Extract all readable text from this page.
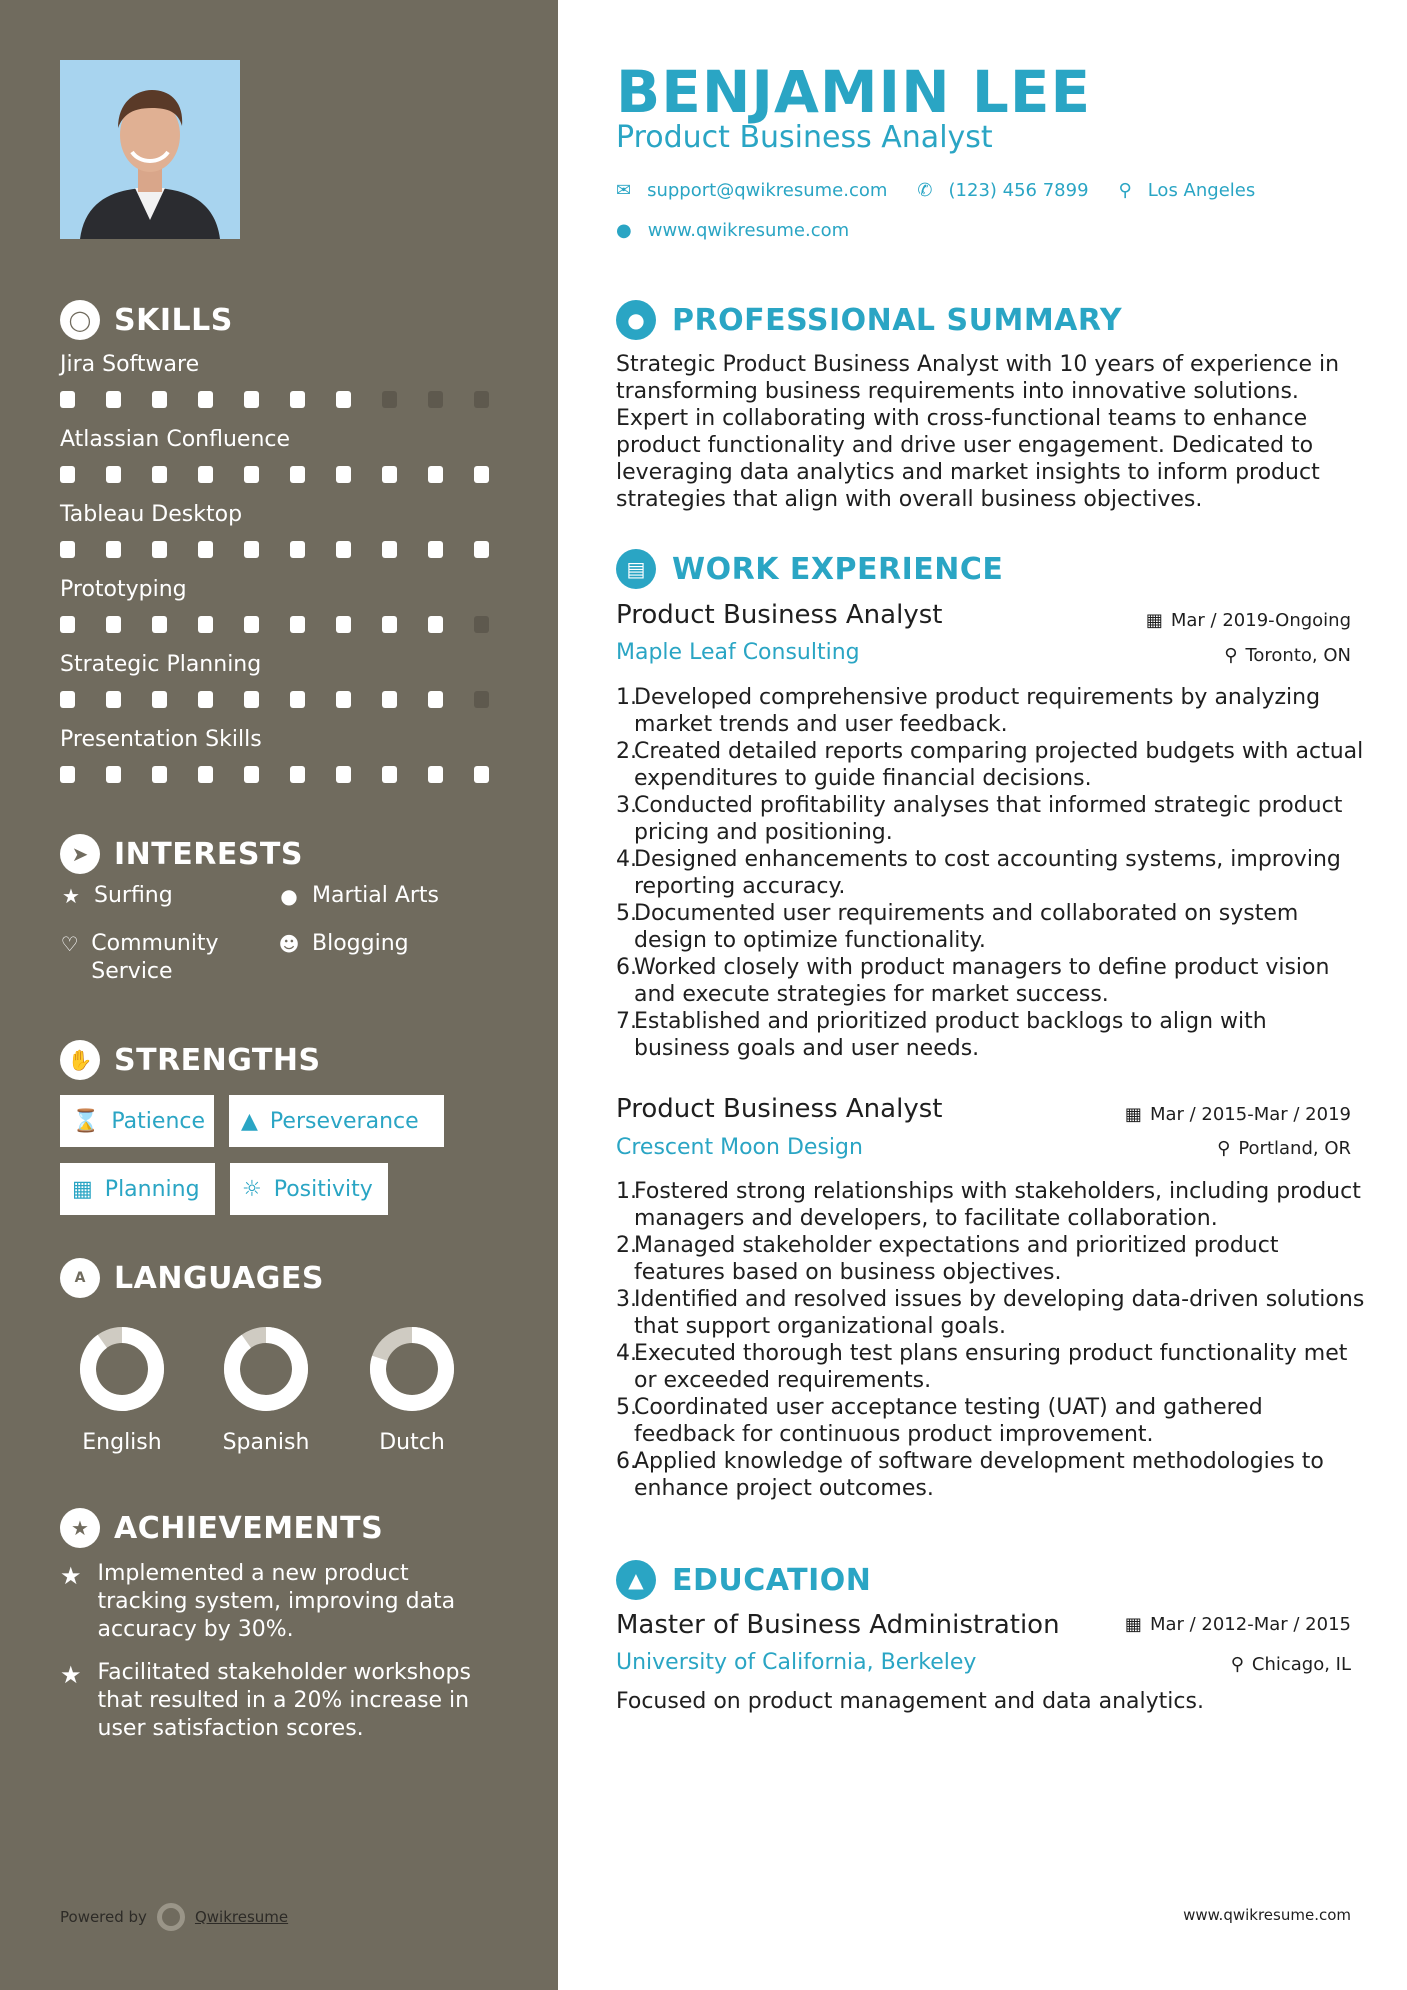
◯ SKILLS
Jira Software
Atlassian Confluence
Tableau Desktop
Prototyping
Strategic Planning
Presentation Skills
➤ INTERESTS
★ Surfing	● Martial Arts
♡ Community Service
☻ Blogging
✋ STRENGTHS
⌛ Patience ▲ Perseverance
▦ Planning ☼ Positivity
A LANGUAGES
English	Spanish	Dutch
★ ACHIEVEMENTS
★ Implemented a new product tracking system, improving data accuracy by 30%.
★ Facilitated stakeholder workshops that resulted in a 20% increase in user satisfaction scores.
Powered by	Qwikresume
BENJAMIN LEE
Product Business Analyst
✉ support@qwikresume.com ✆ (123) 456 7899 ⚲ Los Angeles
● www.qwikresume.com
● PROFESSIONAL SUMMARY
Strategic Product Business Analyst with 10 years of experience in transforming business requirements into innovative solutions. Expert in collaborating with cross-functional teams to enhance product functionality and drive user engagement. Dedicated to leveraging data analytics and market insights to inform product strategies that align with overall business objectives.
▤ WORK EXPERIENCE
Product Business Analyst	▦ Mar / 2019-Ongoing
Maple Leaf Consulting	⚲ Toronto, ON
1.
Developed comprehensive product requirements by analyzing market trends and user feedback.
2.
Created detailed reports comparing projected budgets with actual expenditures to guide financial decisions.
3.
Conducted profitability analyses that informed strategic product pricing and positioning.
4.
Designed enhancements to cost accounting systems, improving reporting accuracy.
5.
Documented user requirements and collaborated on system design to optimize functionality.
6.
Worked closely with product managers to define product vision and execute strategies for market success.
7.
Established and prioritized product backlogs to align with business goals and user needs.
Product Business Analyst	▦ Mar / 2015-Mar / 2019
Crescent Moon Design	⚲ Portland, OR
1.
Fostered strong relationships with stakeholders, including product managers and developers, to facilitate collaboration.
2.
Managed stakeholder expectations and prioritized product features based on business objectives.
3.
Identified and resolved issues by developing data-driven solutions that support organizational goals.
4.
Executed thorough test plans ensuring product functionality met or exceeded requirements.
5.
Coordinated user acceptance testing (UAT) and gathered feedback for continuous product improvement.
6.
Applied knowledge of software development methodologies to enhance project outcomes.
▲ EDUCATION
Master of Business Administration	▦ Mar / 2012-Mar / 2015
University of California, Berkeley	⚲ Chicago, IL
Focused on product management and data analytics.
www.qwikresume.com
